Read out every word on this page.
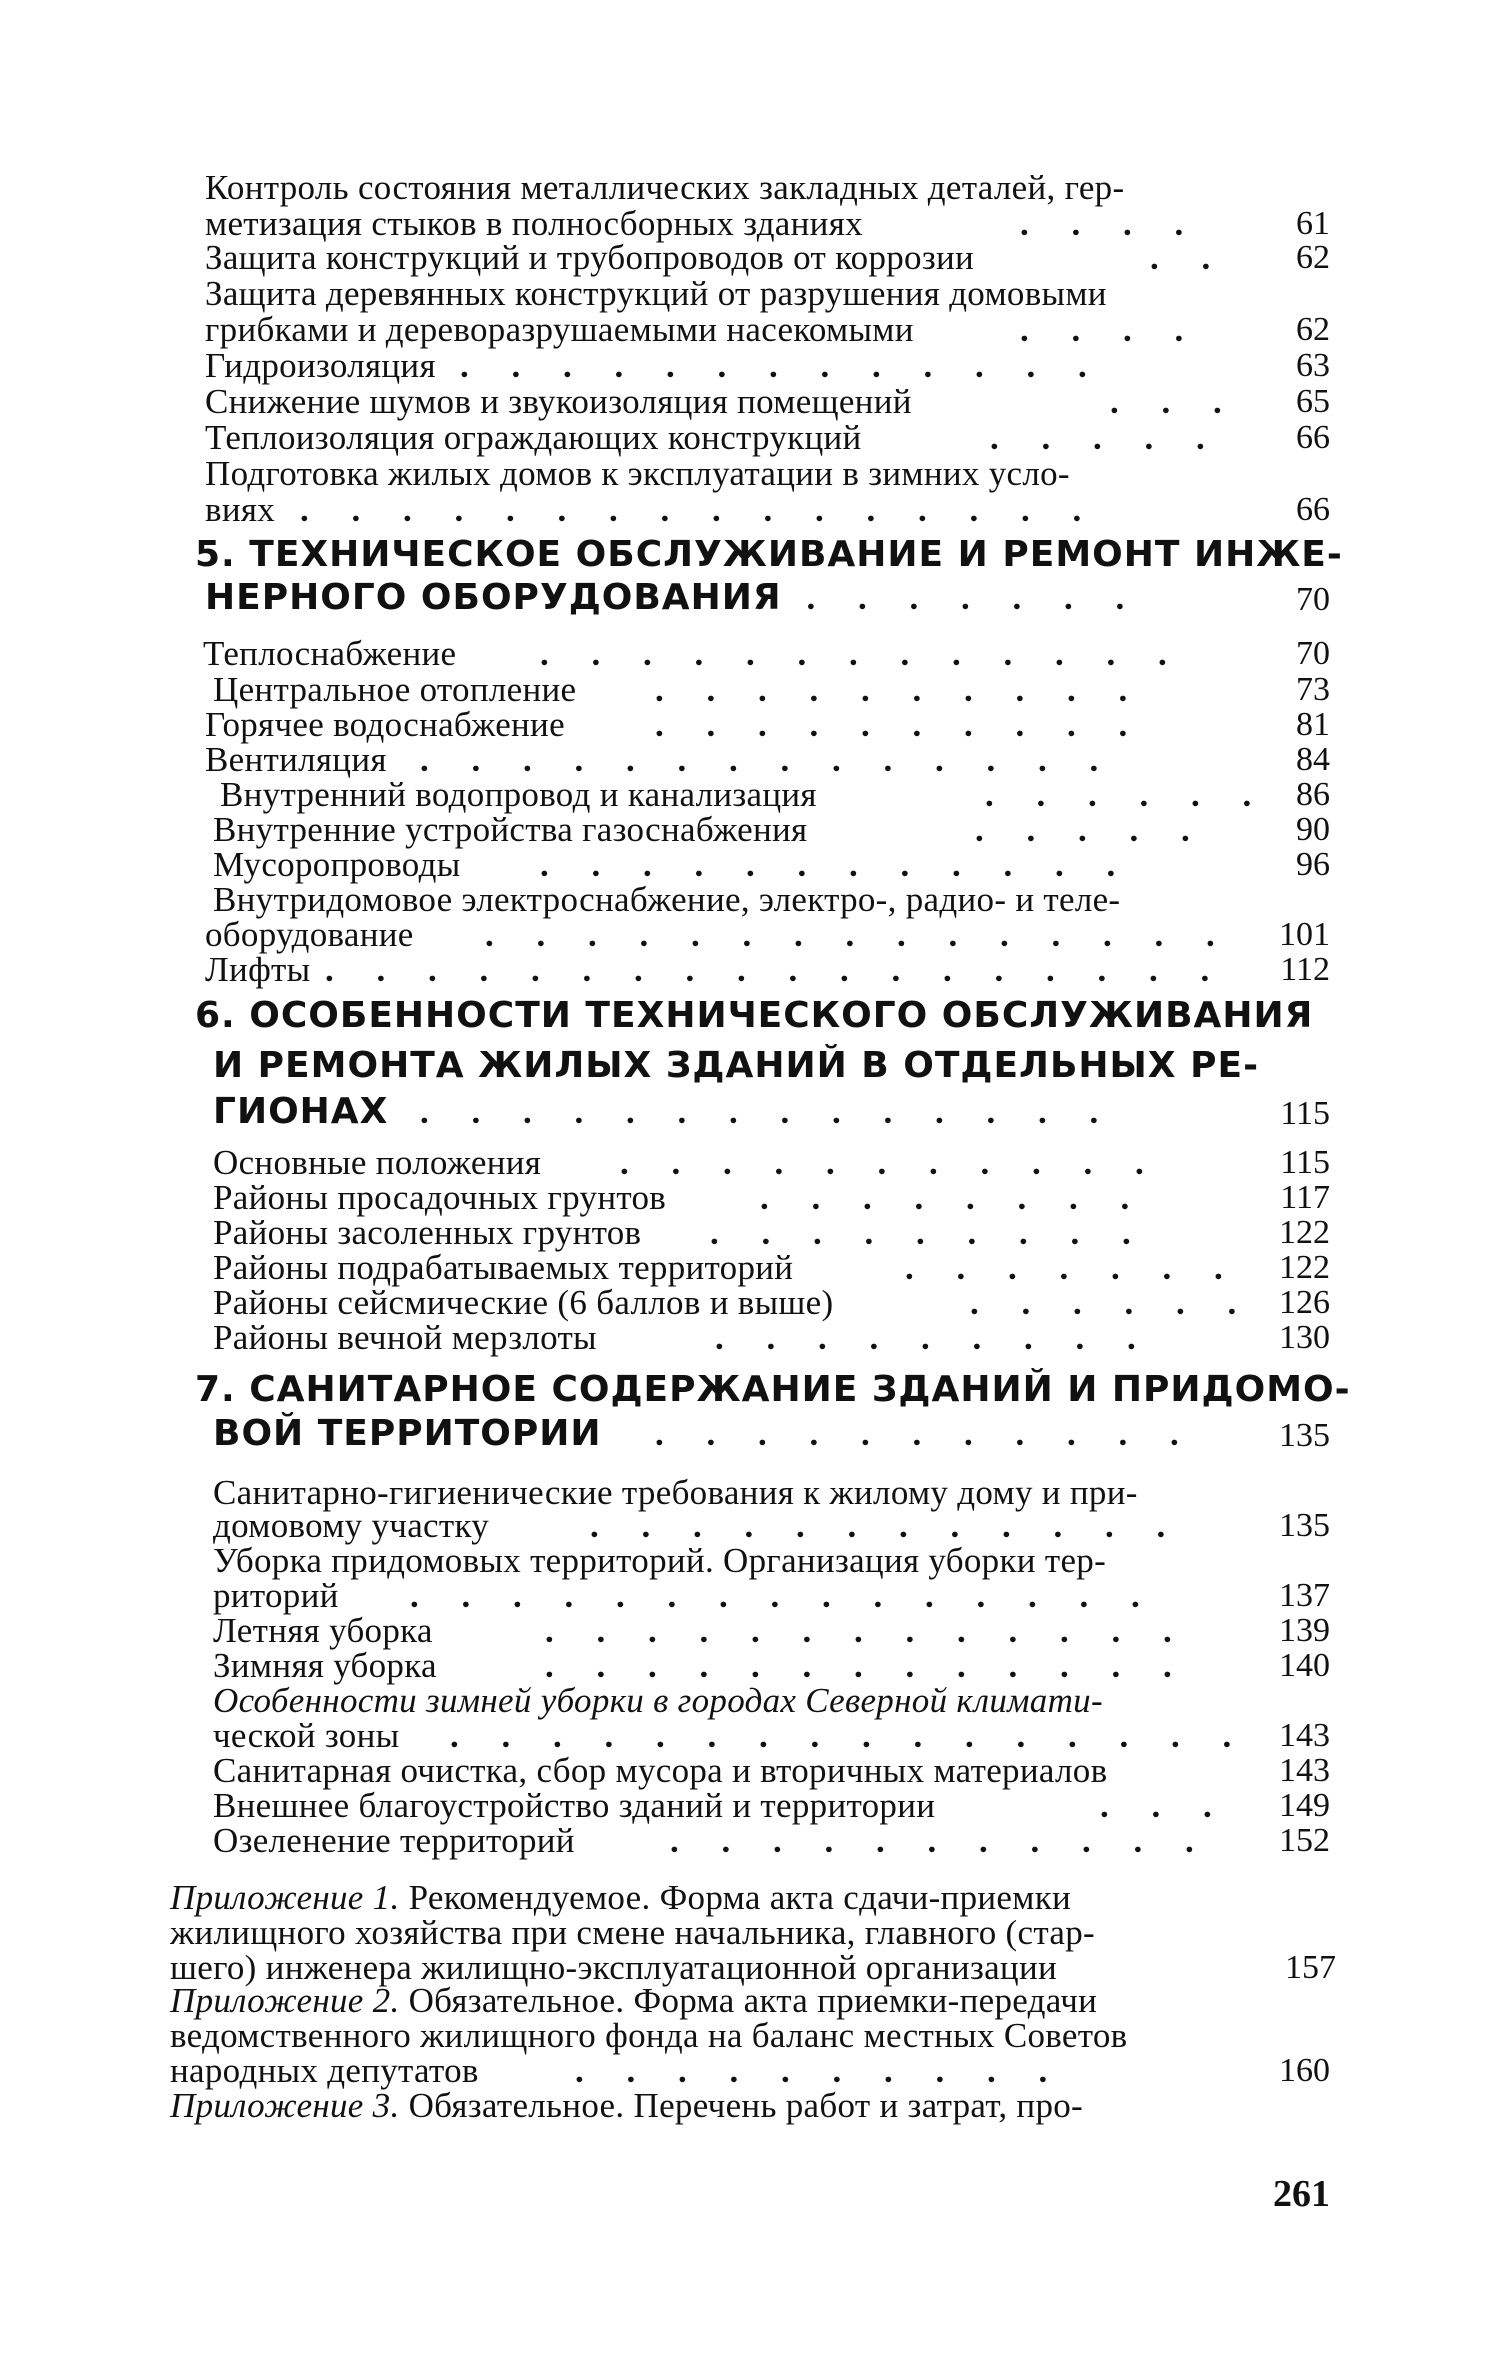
Контроль состояния металлических закладных деталей, гер-
метизация стыков в полносборных зданиях	. . . .	61
Защита конструкций и трубопроводов от коррозии	. . 62
Защита деревянных конструкций от разрушения домовыми
грибками и дереворазрушаемыми насекомыми	. . . .	62
Гидроизоляция . . . . . . . . . . . . .	63
Снижение шумов и звукоизоляция помещений	. . . 65
Теплоизоляция ограждающих конструкций	. . . . . 66
Подготовка жилых домов к эксплуатации в зимних усло-
виях . . . . . . . . . . . . . . . .	66
5. ТЕХНИЧЕСКОЕ ОБСЛУЖИВАНИЕ И РЕМОНТ ИНЖЕ-
НЕРНОГО ОБОРУДОВАНИЯ
. . . . . . . .	70
Теплоснабжение . . . . . . . . . . . . .	70
Центральное отопление . . . . . . . . . .	73
Горячее водоснабжение	. . . . . . . . . .	81
Вентиляция . . . . . . . . . . . . . .	84
Внутренний водопровод и канализация	. . . . . . 86
Внутренние устройства газоснабжения	. . . . .	90
Мусоропроводы . . . . . . . . . . . .	96
Внутридомовое электроснабжение, электро-, радио- и теле-
оборудование . . . . . . . . . . . . . . . 101
Лифты . . . . . . . . . . . . . . . . . . 112
6. ОСОБЕННОСТИ ТЕХНИЧЕСКОГО ОБСЛУЖИВАНИЯ
И РЕМОНТА ЖИЛЫХ ЗДАНИЙ В ОТДЕЛЬНЫХ РЕ-
ГИОНАХ . . . . . . . . . . . . . .	115
Основные положения . . . . . . . . . . .	115
Районы просадочных грунтов	. . . . . . . .	117
Районы засоленных грунтов . . . . . . . . .	122
Районы подрабатываемых территорий	. . . . . . . 122
Районы сейсмические (6 баллов и выше)	. . . . . . 126
Районы вечной мерзлоты	. . . . . . . . .	130
7. САНИТАРНОЕ СОДЕРЖАНИЕ ЗДАНИЙ И ПРИДОМО-
ВОЙ ТЕРРИТОРИИ . . . . . . . . . . . 135
Санитарно-гигиенические требования к жилому дому и при-
домовому участку	. . . . . . . . . . . .	135
Уборка придомовых территорий. Организация уборки тер-
риторий . . . . . . . . . . . . . . .	137
Летняя уборка	. . . . . . . . . . . . .	139
Зимняя уборка	. . . . . . . . . . . . .	140
Особенности зимней уборки в городах Северной климати-
ческой зоны . . . . . . . . . . . . . . . . 143
Санитарная очистка, сбор мусора и вторичных материалов	143
Внешнее благоустройство зданий и территории	. . . 149
Озеленение территорий	. . . . . . . . . . . 152
Приложение 1. Рекомендуемое. Форма акта сдачи-приемки
жилищного хозяйства при смене начальника, главного (стар-
шего) инженера жилищно-эксплуатационной организации	157
Приложение 2. Обязательное. Форма акта приемки-передачи
ведомственного жилищного фонда на баланс местных Советов
народных депутатов	. . . . . . . . . .	160
Приложение 3. Обязательное. Перечень работ и затрат, про-
261
